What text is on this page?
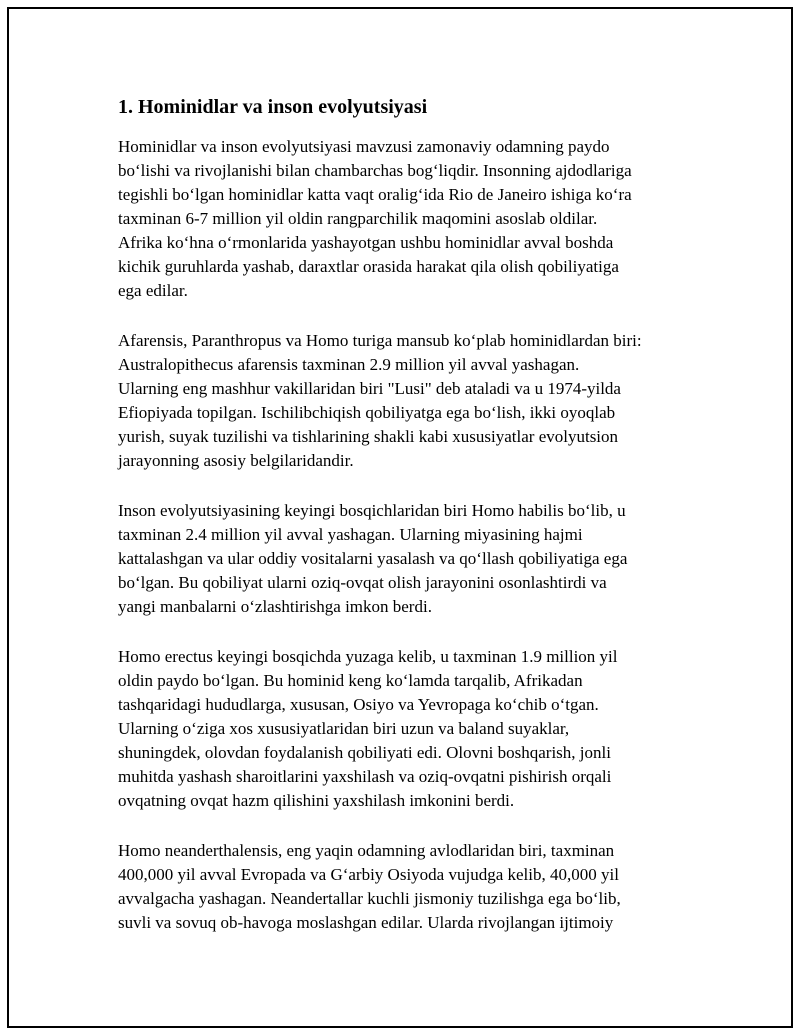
1. Hominidlar va inson evolyutsiyasi

Hominidlar va inson evolyutsiyasi mavzusi zamonaviy odamning paydo
bo‘lishi va rivojlanishi bilan chambarchas bog‘liqdir. Insonning ajdodlariga
tegishli bo‘lgan hominidlar katta vaqt oralig‘ida Rio de Janeiro ishiga ko‘ra
taxminan 6-7 million yil oldin rangparchilik maqomini asoslab oldilar.
Afrika ko‘hna o‘rmonlarida yashayotgan ushbu hominidlar avval boshda
kichik guruhlarda yashab, daraxtlar orasida harakat qila olish qobiliyatiga
ega edilar.

Afarensis, Paranthropus va Homo turiga mansub ko‘plab hominidlardan biri:
Australopithecus afarensis taxminan 2.9 million yil avval yashagan.
Ularning eng mashhur vakillaridan biri "Lusi" deb ataladi va u 1974-yilda
Efiopiyada topilgan. Ischilibchiqish qobiliyatga ega bo‘lish, ikki oyoqlab
yurish, suyak tuzilishi va tishlarining shakli kabi xususiyatlar evolyutsion
jarayonning asosiy belgilaridandir.

Inson evolyutsiyasining keyingi bosqichlaridan biri Homo habilis bo‘lib, u
taxminan 2.4 million yil avval yashagan. Ularning miyasining hajmi
kattalashgan va ular oddiy vositalarni yasalash va qo‘llash qobiliyatiga ega
bo‘lgan. Bu qobiliyat ularni oziq-ovqat olish jarayonini osonlashtirdi va
yangi manbalarni o‘zlashtirishga imkon berdi.

Homo erectus keyingi bosqichda yuzaga kelib, u taxminan 1.9 million yil
oldin paydo bo‘lgan. Bu hominid keng ko‘lamda tarqalib, Afrikadan
tashqaridagi hududlarga, xususan, Osiyo va Yevropaga ko‘chib o‘tgan.
Ularning o‘ziga xos xususiyatlaridan biri uzun va baland suyaklar,
shuningdek, olovdan foydalanish qobiliyati edi. Olovni boshqarish, jonli
muhitda yashash sharoitlarini yaxshilash va oziq-ovqatni pishirish orqali
ovqatning ovqat hazm qilishini yaxshilash imkonini berdi.

Homo neanderthalensis, eng yaqin odamning avlodlaridan biri, taxminan
400,000 yil avval Evropada va G‘arbiy Osiyoda vujudga kelib, 40,000 yil
avvalgacha yashagan. Neandertallar kuchli jismoniy tuzilishga ega bo‘lib,
suvli va sovuq ob-havoga moslashgan edilar. Ularda rivojlangan ijtimoiy
